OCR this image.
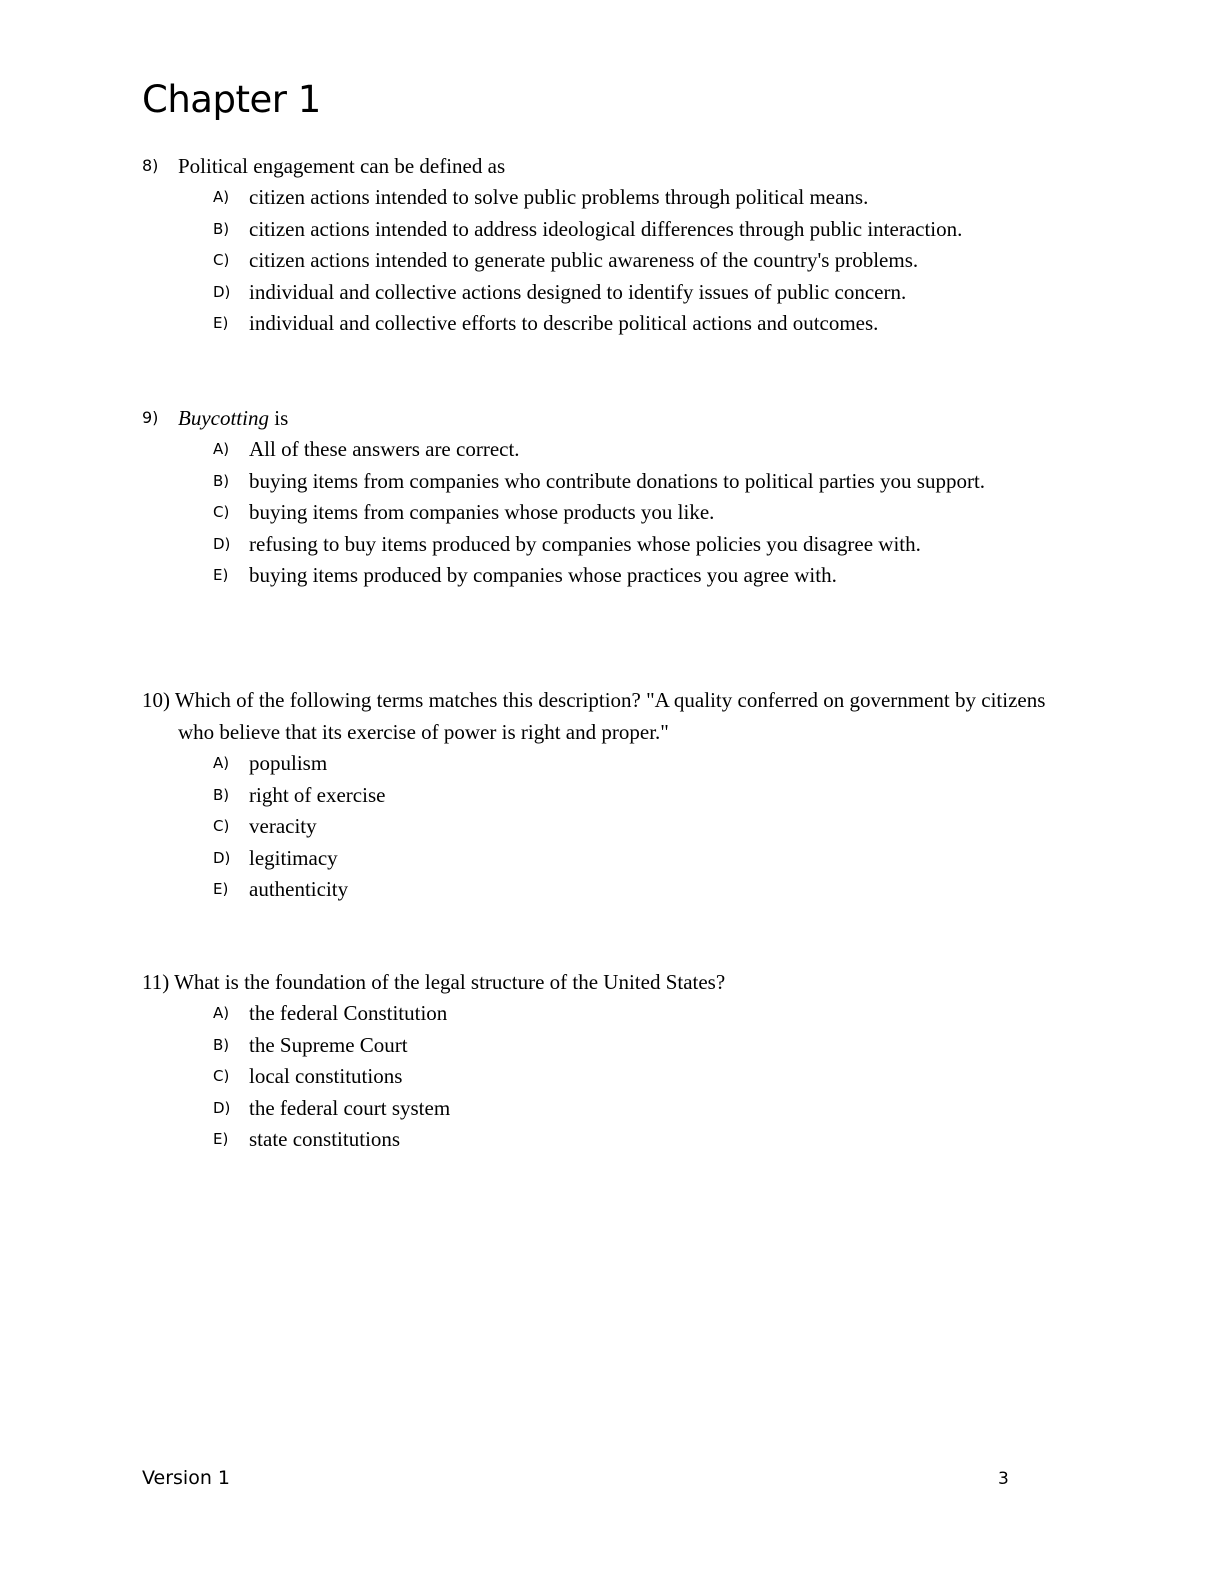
Chapter 1
8) Political engagement can be defined as
A) citizen actions intended to solve public problems through political means.
B) citizen actions intended to address ideological differences through public interaction.
C) citizen actions intended to generate public awareness of the country's problems.
D) individual and collective actions designed to identify issues of public concern.
E) individual and collective efforts to describe political actions and outcomes.
9) Buycotting is
A) All of these answers are correct.
B) buying items from companies who contribute donations to political parties you support.
C) buying items from companies whose products you like.
D) refusing to buy items produced by companies whose policies you disagree with.
E) buying items produced by companies whose practices you agree with.
10) Which of the following terms matches this description? "A quality conferred on government by citizens who believe that its exercise of power is right and proper."
A) populism
B) right of exercise
C) veracity
D) legitimacy
E) authenticity
11) What is the foundation of the legal structure of the United States?
A) the federal Constitution
B) the Supreme Court
C) local constitutions
D) the federal court system
E) state constitutions
Version 1	3
